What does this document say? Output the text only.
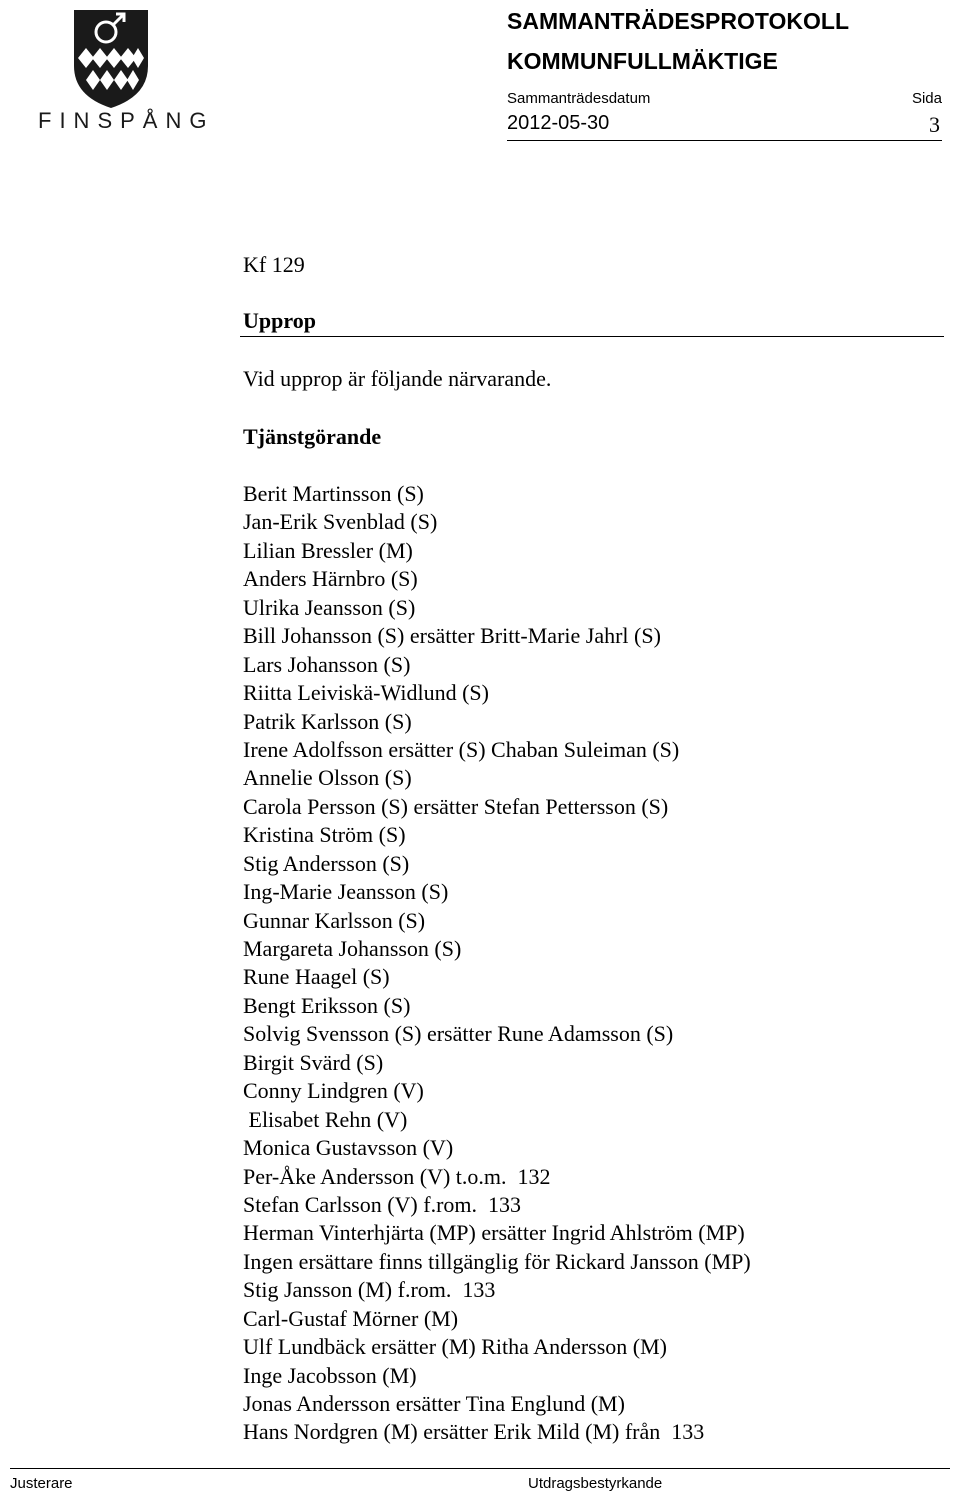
FINSPÅNG
SAMMANTRÄDESPROTOKOLL
KOMMUNFULLMÄKTIGE
Sammanträdesdatum	Sida
2012-05-30	3
Kf 129
Upprop
Vid upprop är följande närvarande.
Tjänstgörande
Berit Martinsson (S)
Jan-Erik Svenblad (S)
Lilian Bressler (M)
Anders Härnbro (S)
Ulrika Jeansson (S)
Bill Johansson (S) ersätter Britt-Marie Jahrl (S)
Lars Johansson (S)
Riitta Leiviskä-Widlund (S)
Patrik Karlsson (S)
Irene Adolfsson ersätter (S) Chaban Suleiman (S)
Annelie Olsson (S)
Carola Persson (S) ersätter Stefan Pettersson (S)
Kristina Ström (S)
Stig Andersson (S)
Ing-Marie Jeansson (S)
Gunnar Karlsson (S)
Margareta Johansson (S)
Rune Haagel (S)
Bengt Eriksson (S)
Solvig Svensson (S) ersätter Rune Adamsson (S)
Birgit Svärd (S)
Conny Lindgren (V)
Elisabet Rehn (V)
Monica Gustavsson (V)
Per-Åke Andersson (V) t.o.m.  132
Stefan Carlsson (V) f.rom.  133
Herman Vinterhjärta (MP) ersätter Ingrid Ahlström (MP)
Ingen ersättare finns tillgänglig för Rickard Jansson (MP)
Stig Jansson (M) f.rom.  133
Carl-Gustaf Mörner (M)
Ulf Lundbäck ersätter (M) Ritha Andersson (M)
Inge Jacobsson (M)
Jonas Andersson ersätter Tina Englund (M)
Hans Nordgren (M) ersätter Erik Mild (M) från  133
Justerare	Utdragsbestyrkande
